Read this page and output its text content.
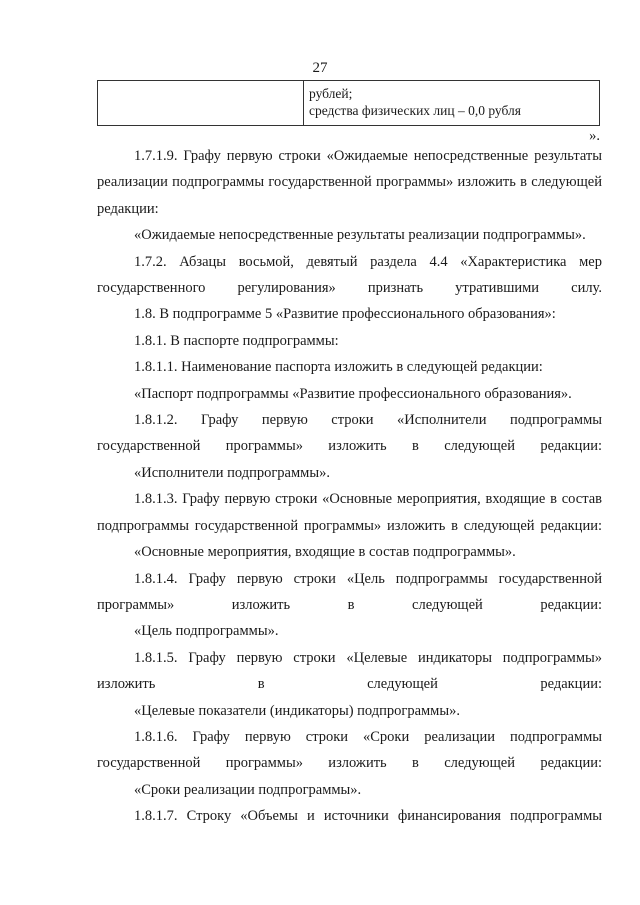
27
рублей;
средства физических лиц – 0,0 рубля
».

1.7.1.9. Графу первую строки «Ожидаемые непосредственные результаты реализации подпрограммы государственной программы» изложить в следующей редакции:

«Ожидаемые непосредственные результаты реализации подпрограммы».

1.7.2. Абзацы восьмой, девятый раздела 4.4 «Характеристика мер государственного регулирования» признать утратившими силу.

1.8. В подпрограмме 5 «Развитие профессионального образования»:

1.8.1. В паспорте подпрограммы:

1.8.1.1. Наименование паспорта изложить в следующей редакции:

«Паспорт подпрограммы «Развитие профессионального образования».

1.8.1.2. Графу первую строки «Исполнители подпрограммы государственной программы» изложить в следующей редакции:

«Исполнители подпрограммы».

1.8.1.3. Графу первую строки «Основные мероприятия, входящие в состав подпрограммы государственной программы» изложить в следующей редакции:

«Основные мероприятия, входящие в состав подпрограммы».

1.8.1.4. Графу первую строки «Цель подпрограммы государственной программы» изложить в следующей редакции:

«Цель подпрограммы».

1.8.1.5. Графу первую строки «Целевые индикаторы подпрограммы» изложить в следующей редакции:

«Целевые показатели (индикаторы) подпрограммы».

1.8.1.6. Графу первую строки «Сроки реализации подпрограммы государственной программы» изложить в следующей редакции:

«Сроки реализации подпрограммы».

1.8.1.7. Строку «Объемы и источники финансирования подпрограммы
